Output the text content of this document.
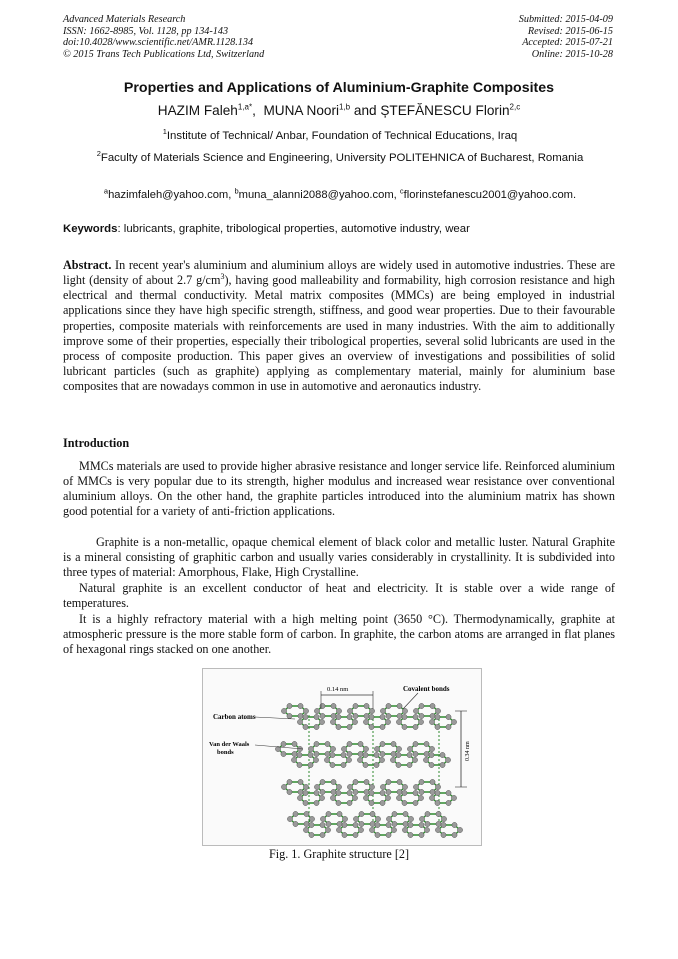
Advanced Materials Research
ISSN: 1662-8985, Vol. 1128, pp 134-143
doi:10.4028/www.scientific.net/AMR.1128.134
© 2015 Trans Tech Publications Ltd, Switzerland
Submitted: 2015-04-09
Revised: 2015-06-15
Accepted: 2015-07-21
Online: 2015-10-28
Properties and Applications of Aluminium-Graphite Composites
HAZIM Faleh$^{1,a*}$,  MUNA Noori$^{1,b}$ and ȘTEFĂNESCU Florin$^{2,c}$
$^1$Institute of Technical/ Anbar, Foundation of Technical Educations, Iraq
$^2$Faculty of Materials Science and Engineering, University POLITEHNICA of Bucharest, Romania
$^a$hazimfaleh@yahoo.com, $^b$muna_alanni2088@yahoo.com, $^c$florinstefanescu2001@yahoo.com.
Keywords: lubricants, graphite, tribological properties, automotive industry, wear
Abstract. In recent year's aluminium and aluminium alloys are widely used in automotive industries. These are light (density of about 2.7 $g/cm^3$), having good malleability and formability, high corrosion resistance and high electrical and thermal conductivity. Metal matrix composites (MMCs) are being employed in industrial applications since they have high specific strength, stiffness, and good wear properties. Due to their favourable properties, composite materials with reinforcements are used in many industries. With the aim to additionally improve some of their properties, especially their tribological properties, several solid lubricants are used in the process of composite production. This paper gives an overview of investigations and possibilities of solid lubricant particles (such as graphite) applying as complementary material, mainly for aluminium base composites that are nowadays common in use in automotive and aeronautics industry.
Introduction
MMCs materials are used to provide higher abrasive resistance and longer service life. Reinforced aluminium of MMCs is very popular due to its strength, higher modulus and increased wear resistance over conventional aluminium alloys. On the other hand, the graphite particles introduced into the aluminium matrix has shown good potential for a variety of anti-friction applications.
Graphite is a non-metallic, opaque chemical element of black color and metallic luster. Natural Graphite is a mineral consisting of graphitic carbon and usually varies considerably in crystallinity. It is subdivided into three types of material: Amorphous, Flake, High Crystalline.
Natural graphite is an excellent conductor of heat and electricity. It is stable over a wide range of temperatures.
It is a highly refractory material with a high melting point (3650 °C). Thermodynamically, graphite at atmospheric pressure is the more stable form of carbon. In graphite, the carbon atoms are arranged in flat planes of hexagonal rings stacked on one another.
0.14 nm	Covalent bonds
Carbon atoms
Van der Waals
bonds	0.34 nm
Fig. 1. Graphite structure [2]
